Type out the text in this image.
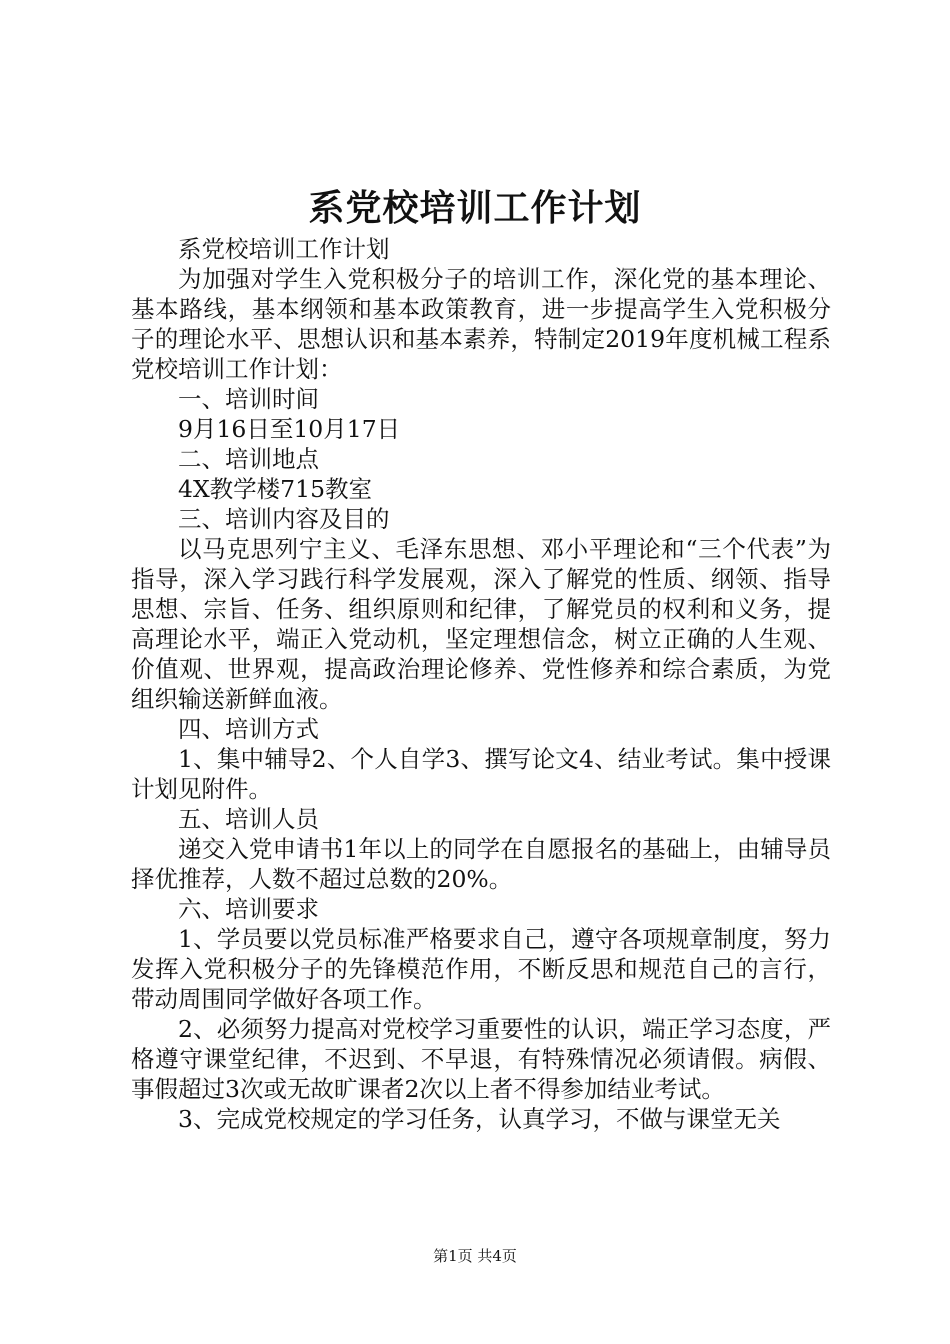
系党校培训工作计划

系党校培训工作计划

为加强对学生入党积极分子的培训工作，深化党的基本理论、基本路线，基本纲领和基本政策教育，进一步提高学生入党积极分子的理论水平、思想认识和基本素养，特制定2019年度机械工程系党校培训工作计划：

一、培训时间

9月16日至10月17日

二、培训地点

4X教学楼715教室

三、培训内容及目的

以马克思列宁主义、毛泽东思想、邓小平理论和“三个代表”为指导，深入学习践行科学发展观，深入了解党的性质、纲领、指导思想、宗旨、任务、组织原则和纪律，了解党员的权利和义务，提高理论水平，端正入党动机，坚定理想信念，树立正确的人生观、价值观、世界观，提高政治理论修养、党性修养和综合素质，为党组织输送新鲜血液。

四、培训方式

1、集中辅导2、个人自学3、撰写论文4、结业考试。集中授课计划见附件。

五、培训人员

递交入党申请书1年以上的同学在自愿报名的基础上，由辅导员择优推荐，人数不超过总数的20%。

六、培训要求

1、学员要以党员标准严格要求自己，遵守各项规章制度，努力发挥入党积极分子的先锋模范作用，不断反思和规范自己的言行，带动周围同学做好各项工作。

2、必须努力提高对党校学习重要性的认识，端正学习态度，严格遵守课堂纪律，不迟到、不早退，有特殊情况必须请假。病假、事假超过3次或无故旷课者2次以上者不得参加结业考试。

3、完成党校规定的学习任务，认真学习，不做与课堂无关

第1页 共4页
